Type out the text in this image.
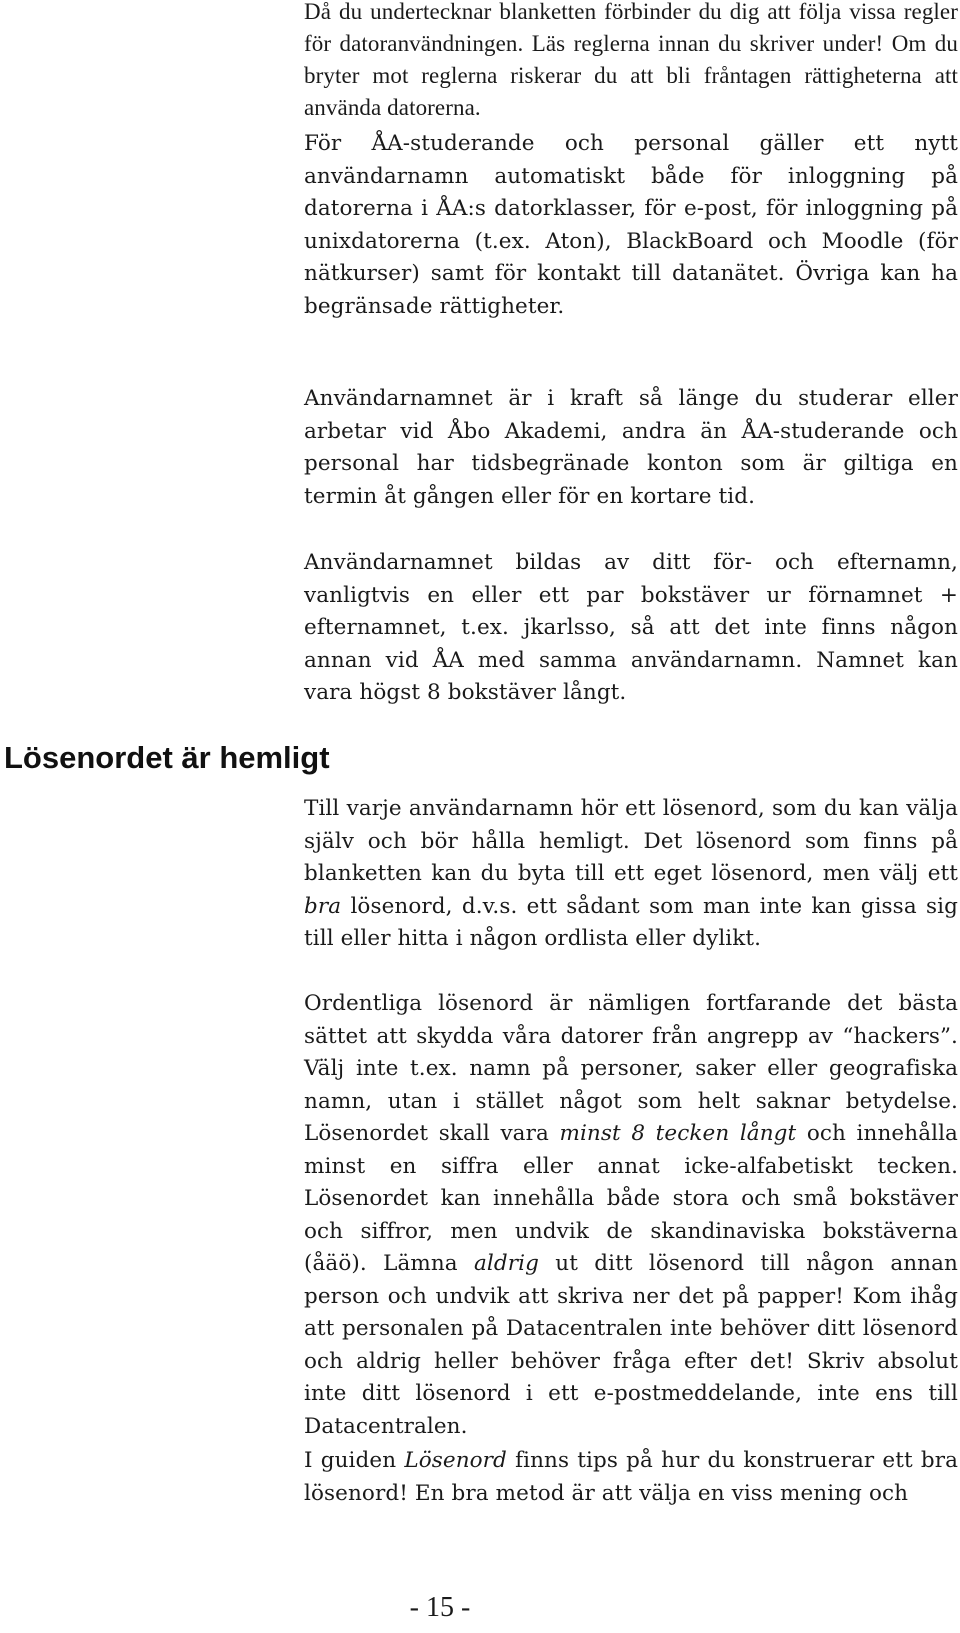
Då du undertecknar blanketten förbinder du dig att följa vissa regler för datoranvändningen. Läs reglerna innan du skriver under! Om du bryter mot reglerna riskerar du att bli fråntagen rättigheterna att använda datorerna.

För ÅA-studerande och personal gäller ett nytt användarnamn automatiskt både för inloggning på datorerna i ÅA:s datorklasser, för e-post, för inloggning på unixdatorerna (t.ex. Aton), BlackBoard och Moodle (för nätkurser) samt för kontakt till datanätet. Övriga kan ha begränsade rättigheter.

Användarnamnet är i kraft så länge du studerar eller arbetar vid Åbo Akademi, andra än ÅA-studerande och personal har tidsbegränade konton som är giltiga en termin åt gången eller för en kortare tid.

Användarnamnet bildas av ditt för- och efternamn, vanligtvis en eller ett par bokstäver ur förnamnet + efternamnet, t.ex. jkarlsso, så att det inte finns någon annan vid ÅA med samma användarnamn. Namnet kan vara högst 8 bokstäver långt.

Lösenordet är hemligt

Till varje användarnamn hör ett lösenord, som du kan välja själv och bör hålla hemligt. Det lösenord som finns på blanketten kan du byta till ett eget lösenord, men välj ett bra lösenord, d.v.s. ett sådant som man inte kan gissa sig till eller hitta i någon ordlista eller dylikt.

Ordentliga lösenord är nämligen fortfarande det bästa sättet att skydda våra datorer från angrepp av “hackers”. Välj inte t.ex. namn på personer, saker eller geografiska namn, utan i stället något som helt saknar betydelse. Lösenordet skall vara minst 8 tecken långt och innehålla minst en siffra eller annat icke-alfabetiskt tecken. Lösenordet kan innehålla både stora och små bokstäver och siffror, men undvik de skandinaviska bokstäverna (åäö). Lämna aldrig ut ditt lösenord till någon annan person och undvik att skriva ner det på papper! Kom ihåg att personalen på Datacentralen inte behöver ditt lösenord och aldrig heller behöver fråga efter det! Skriv absolut inte ditt lösenord i ett e-postmeddelande, inte ens till Datacentralen.

I guiden Lösenord finns tips på hur du konstruerar ett bra lösenord! En bra metod är att välja en viss mening och

- 15 -
